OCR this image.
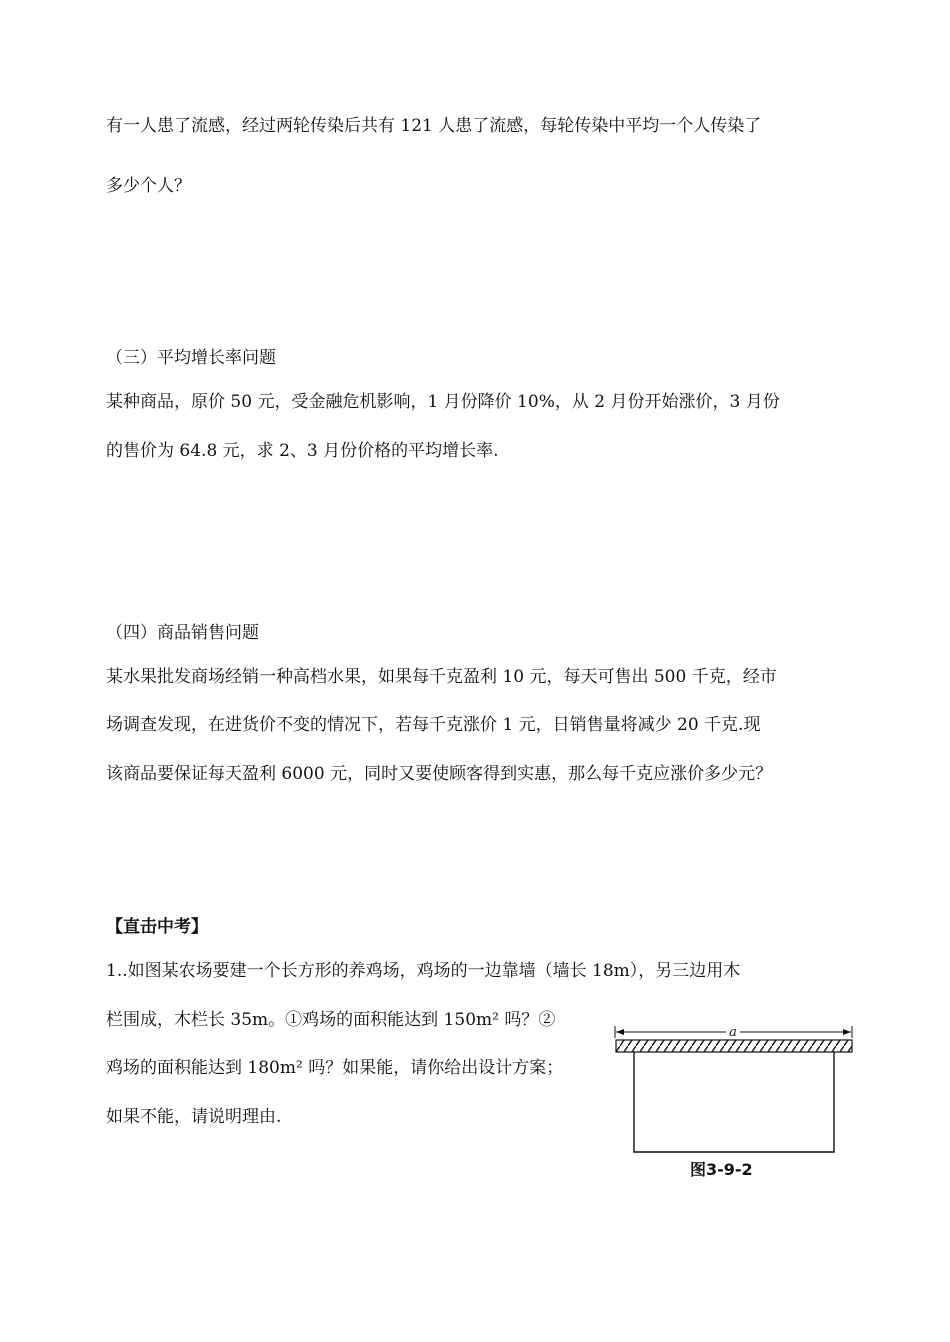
有一人患了流感，经过两轮传染后共有 121 人患了流感，每轮传染中平均一个人传染了
多少个人？
（三）平均增长率问题
某种商品，原价 50 元，受金融危机影响，1 月份降价 10%，从 2 月份开始涨价，3 月份
的售价为 64.8 元，求 2、3 月份价格的平均增长率.
（四）商品销售问题
某水果批发商场经销一种高档水果，如果每千克盈利 10 元，每天可售出 500 千克，经市
场调查发现，在进货价不变的情况下，若每千克涨价 1 元，日销售量将减少 20 千克.现
该商品要保证每天盈利 6000 元，同时又要使顾客得到实惠，那么每千克应涨价多少元？
【直击中考】
1..如图某农场要建一个长方形的养鸡场，鸡场的一边靠墙（墙长 18m），另三边用木
栏围成，木栏长 35m。①鸡场的面积能达到 150m² 吗？②
鸡场的面积能达到 180m² 吗？如果能，请你给出设计方案；
如果不能，请说明理由.
a
图3-9-2
